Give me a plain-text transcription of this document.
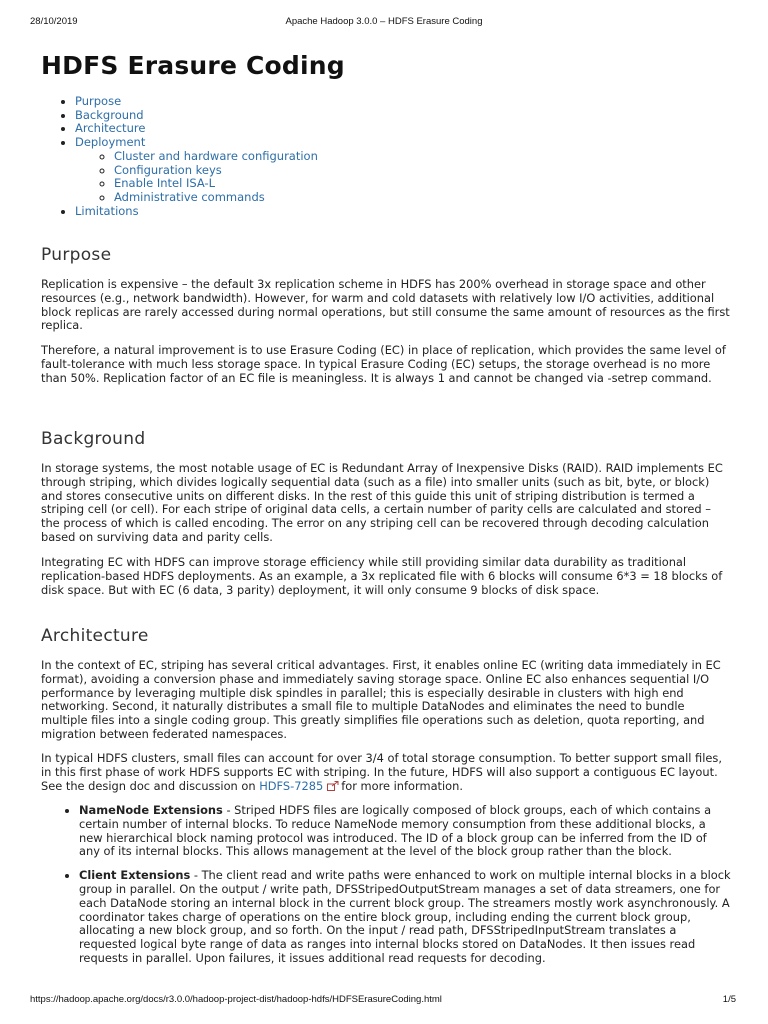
28/10/2019	Apache Hadoop 3.0.0 – HDFS Erasure Coding
HDFS Erasure Coding
• Purpose
• Background
• Architecture
• Deployment
◦ Cluster and hardware configuration
◦ Configuration keys
◦ Enable Intel ISA-L
◦ Administrative commands
• Limitations
Purpose

Replication is expensive – the default 3x replication scheme in HDFS has 200% overhead in storage space and other resources (e.g., network bandwidth). However, for warm and cold datasets with relatively low I/O activities, additional block replicas are rarely accessed during normal operations, but still consume the same amount of resources as the first replica.

Therefore, a natural improvement is to use Erasure Coding (EC) in place of replication, which provides the same level of fault-tolerance with much less storage space. In typical Erasure Coding (EC) setups, the storage overhead is no more than 50%. Replication factor of an EC file is meaningless. It is always 1 and cannot be changed via -setrep command.

Background

In storage systems, the most notable usage of EC is Redundant Array of Inexpensive Disks (RAID). RAID implements EC through striping, which divides logically sequential data (such as a file) into smaller units (such as bit, byte, or block) and stores consecutive units on different disks. In the rest of this guide this unit of striping distribution is termed a striping cell (or cell). For each stripe of original data cells, a certain number of parity cells are calculated and stored – the process of which is called encoding. The error on any striping cell can be recovered through decoding calculation based on surviving data and parity cells.

Integrating EC with HDFS can improve storage efficiency while still providing similar data durability as traditional replication-based HDFS deployments. As an example, a 3x replicated file with 6 blocks will consume 6*3 = 18 blocks of disk space. But with EC (6 data, 3 parity) deployment, it will only consume 9 blocks of disk space.

Architecture

In the context of EC, striping has several critical advantages. First, it enables online EC (writing data immediately in EC format), avoiding a conversion phase and immediately saving storage space. Online EC also enhances sequential I/O performance by leveraging multiple disk spindles in parallel; this is especially desirable in clusters with high end networking. Second, it naturally distributes a small file to multiple DataNodes and eliminates the need to bundle multiple files into a single coding group. This greatly simplifies file operations such as deletion, quota reporting, and migration between federated namespaces.

In typical HDFS clusters, small files can account for over 3/4 of total storage consumption. To better support small files, in this first phase of work HDFS supports EC with striping. In the future, HDFS will also support a contiguous EC layout. See the design doc and discussion on HDFS-7285 for more information.

• NameNode Extensions - Striped HDFS files are logically composed of block groups, each of which contains a certain number of internal blocks. To reduce NameNode memory consumption from these additional blocks, a new hierarchical block naming protocol was introduced. The ID of a block group can be inferred from the ID of any of its internal blocks. This allows management at the level of the block group rather than the block.
• Client Extensions - The client read and write paths were enhanced to work on multiple internal blocks in a block group in parallel. On the output / write path, DFSStripedOutputStream manages a set of data streamers, one for each DataNode storing an internal block in the current block group. The streamers mostly work asynchronously. A coordinator takes charge of operations on the entire block group, including ending the current block group, allocating a new block group, and so forth. On the input / read path, DFSStripedInputStream translates a requested logical byte range of data as ranges into internal blocks stored on DataNodes. It then issues read requests in parallel. Upon failures, it issues additional read requests for decoding.
https://hadoop.apache.org/docs/r3.0.0/hadoop-project-dist/hadoop-hdfs/HDFSErasureCoding.html	1/5
